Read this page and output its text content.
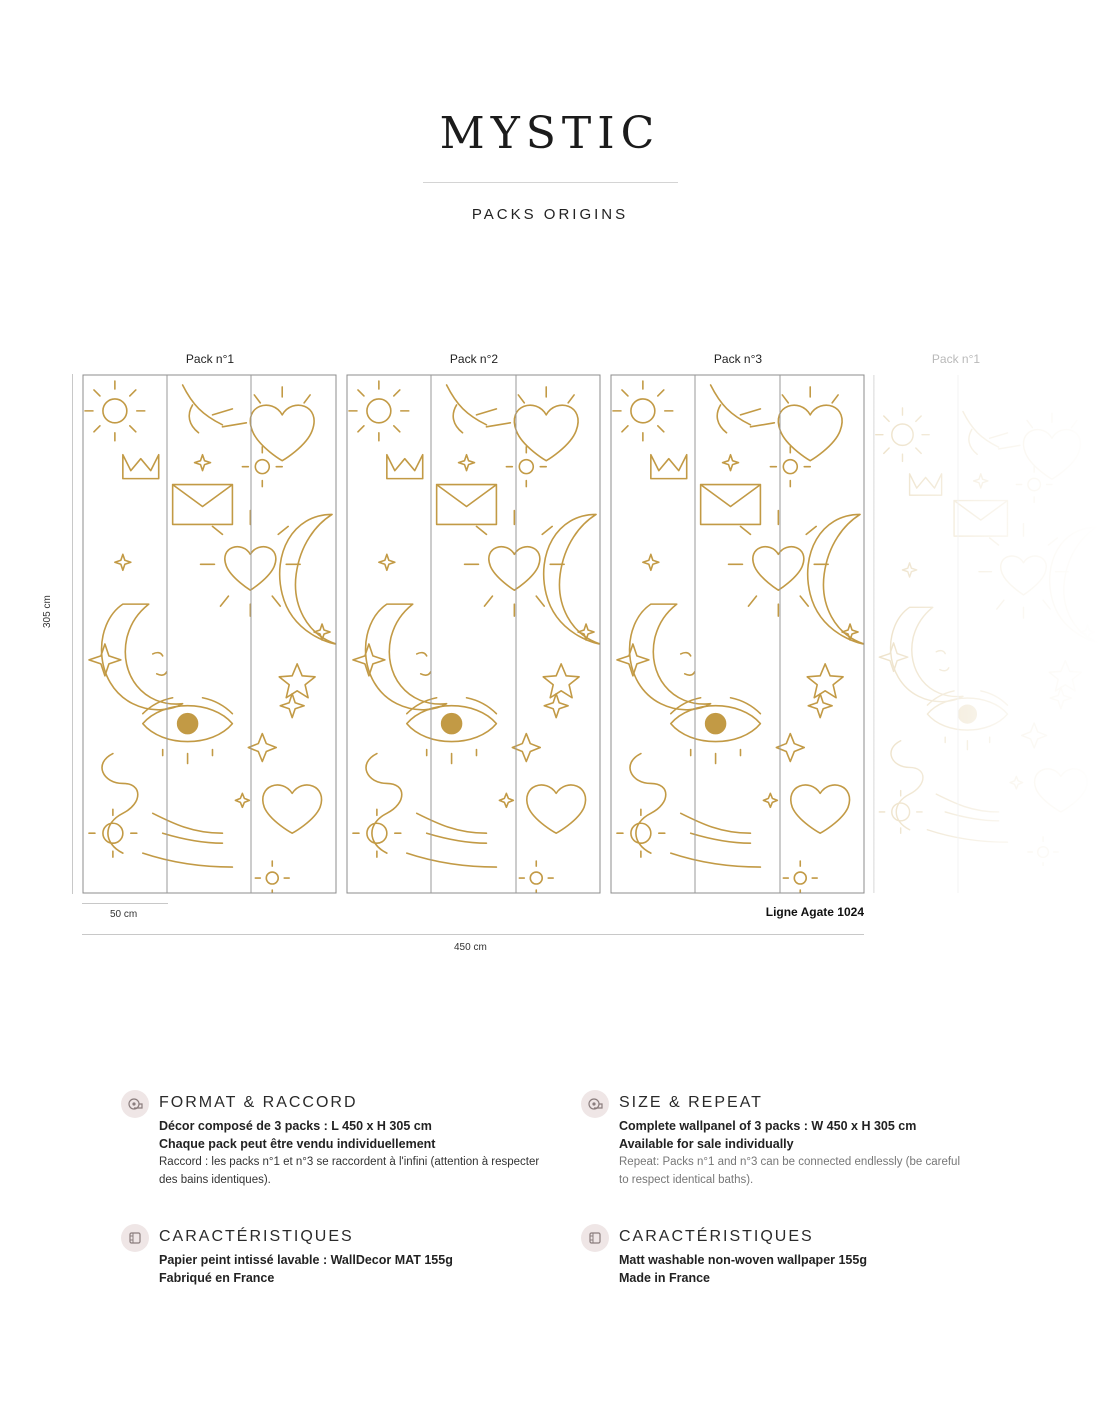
MYSTIC
PACKS ORIGINS
Pack n°1	Pack n°2	Pack n°3	Pack n°1
305 cm
50 cm	Ligne Agate 1024
450 cm
FORMAT & RACCORD
Décor composé de 3 packs : L 450 x H 305 cm
Chaque pack peut être vendu individuellement
Raccord : les packs n°1 et n°3 se raccordent à l'infini (attention à respecter des bains identiques).
SIZE & REPEAT
Complete wallpanel of 3 packs : W 450 x H 305 cm
Available for sale individually
Repeat: Packs n°1 and n°3 can be connected endlessly (be careful to respect identical baths).
CARACTÉRISTIQUES
Papier peint intissé lavable : WallDecor MAT 155g
Fabriqué en France
CARACTÉRISTIQUES
Matt washable non-woven wallpaper 155g
Made in France
